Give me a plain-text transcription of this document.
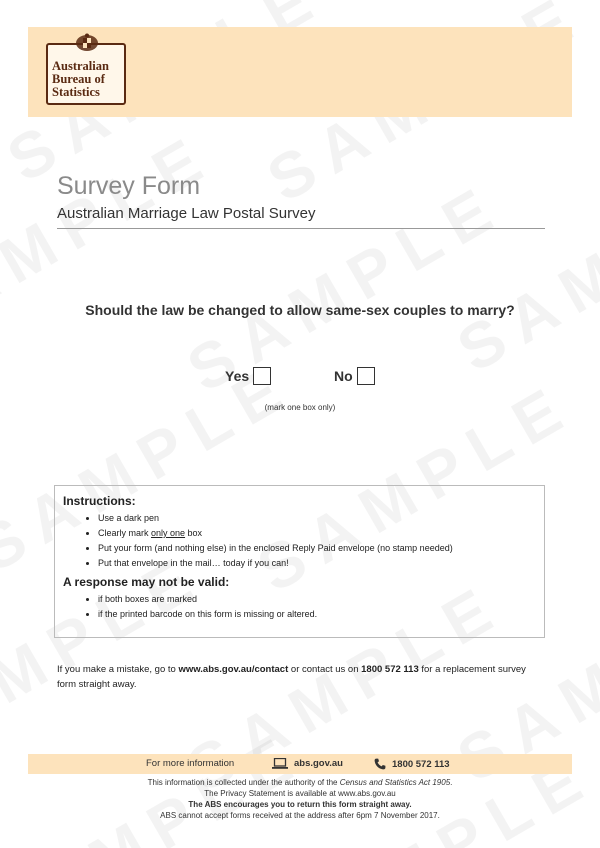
Australian
Bureau of
Statistics
Survey Form
Australian Marriage Law Postal Survey
Should the law be changed to allow same-sex couples to marry?
Yes	No
(mark one box only)
Instructions:
• Use a dark pen
• Clearly mark only one box
• Put your form (and nothing else) in the enclosed Reply Paid envelope (no stamp needed)
• Put that envelope in the mail… today if you can!
A response may not be valid:
• if both boxes are marked
• if the printed barcode on this form is missing or altered.
If you make a mistake, go to www.abs.gov.au/contact or contact us on 1800 572 113 for a replacement survey form straight away.
For more information	abs.gov.au	1800 572 113
This information is collected under the authority of the Census and Statistics Act 1905.
The Privacy Statement is available at www.abs.gov.au
The ABS encourages you to return this form straight away.
ABS cannot accept forms received at the address after 6pm 7 November 2017.
